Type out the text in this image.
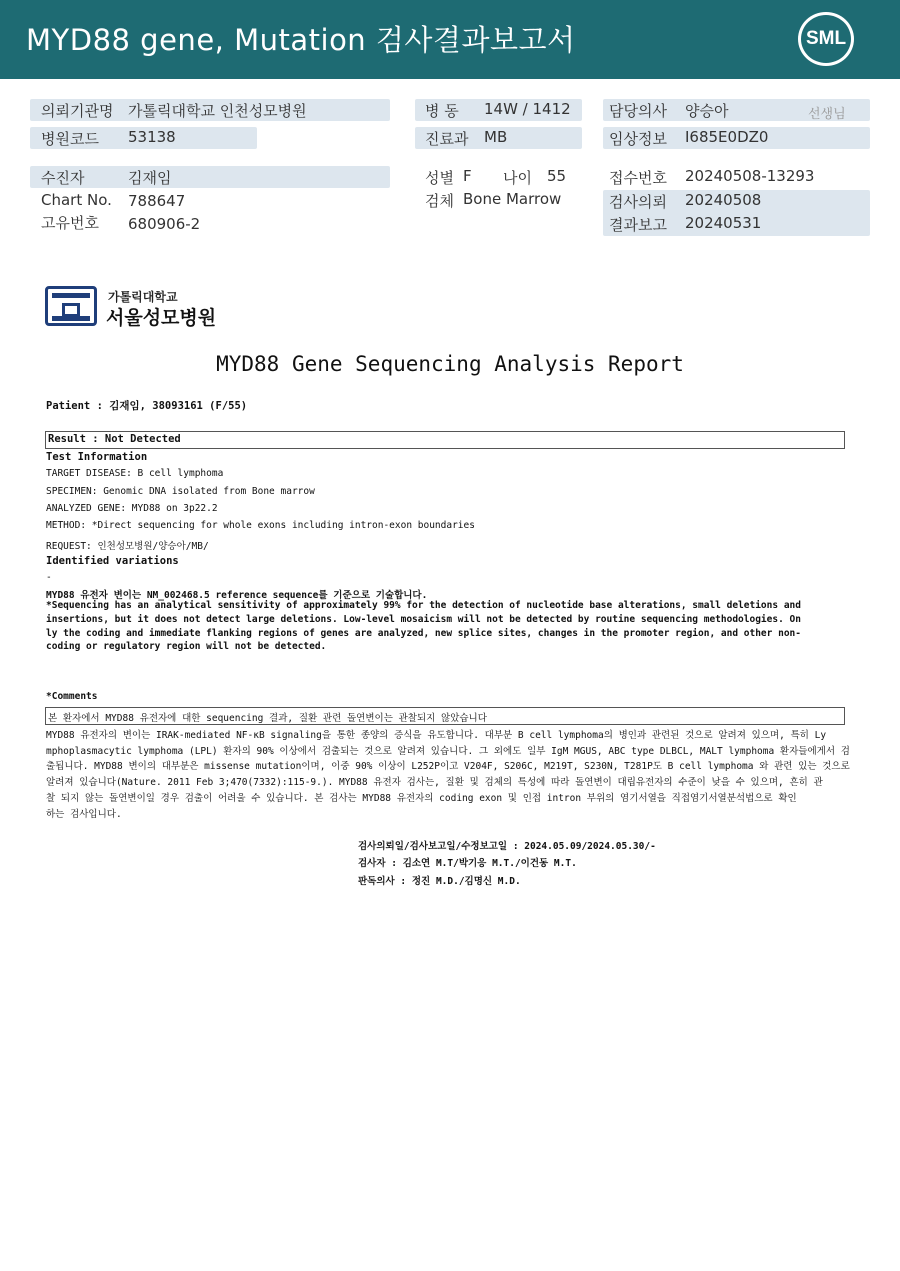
MYD88 gene, Mutation 검사결과보고서	SML
의뢰기관명 가톨릭대학교 인천성모병원
병원코드 53138
병 동 14W / 1412
진료과 MB
담당의사 양승아	선생님
임상정보 I685E0DZ0
수진자	김재임
Chart No. 788647
고유번호 680906-2
성별 F 나이 55
검체 Bone Marrow
접수번호 20240508-13293
검사의뢰 20240508
결과보고 20240531
가톨릭대학교
서울성모병원
MYD88 Gene Sequencing Analysis Report
Patient : 김재임, 38093161 (F/55)
Result : Not Detected
Test Information
TARGET DISEASE: B cell lymphoma
SPECIMEN: Genomic DNA isolated from Bone marrow
ANALYZED GENE: MYD88 on 3p22.2
METHOD: *Direct sequencing for whole exons including intron-exon boundaries
REQUEST: 인천성모병원/양승아/MB/
Identified variations
-
MYD88 유전자 변이는 NM_002468.5 reference sequence를 기준으로 기술합니다.
*Sequencing has an analytical sensitivity of approximately 99% for the detection of nucleotide base alterations, small deletions and
insertions, but it does not detect large deletions. Low-level mosaicism will not be detected by routine sequencing methodologies. On
ly the coding and immediate flanking regions of genes are analyzed, new splice sites, changes in the promoter region, and other non-
coding or regulatory region will not be detected.
*Comments
본 환자에서 MYD88 유전자에 대한 sequencing 결과, 질환 관련 돌연변이는 관찰되지 않았습니다
MYD88 유전자의 변이는 IRAK-mediated NF-κB signaling을 통한 종양의 증식을 유도합니다. 대부분 B cell lymphoma의 병인과 관련된 것으로 알려져 있으며, 특히 Ly
mphoplasmacytic lymphoma (LPL) 환자의 90% 이상에서 검출되는 것으로 알려져 있습니다. 그 외에도 일부 IgM MGUS, ABC type DLBCL, MALT lymphoma 환자들에게서 검
출됩니다. MYD88 변이의 대부분은 missense mutation이며, 이중 90% 이상이 L252P이고 V204F, S206C, M219T, S230N, T281P도 B cell lymphoma 와 관련 있는 것으로
알려져 있습니다(Nature. 2011 Feb 3;470(7332):115-9.). MYD88 유전자 검사는, 질환 및 검체의 특성에 따라 돌연변이 대립유전자의 수준이 낮을 수 있으며, 흔히 관
찰 되지 않는 돌연변이일 경우 검출이 어려울 수 있습니다. 본 검사는 MYD88 유전자의 coding exon 및 인접 intron 부위의 염기서열을 직접염기서열분석법으로 확인
하는 검사입니다.
검사의뢰일/검사보고일/수정보고일 : 2024.05.09/2024.05.30/-
검사자 : 김소연 M.T/박기응 M.T./이건동 M.T.
판독의사 : 정진 M.D./김명신 M.D.
